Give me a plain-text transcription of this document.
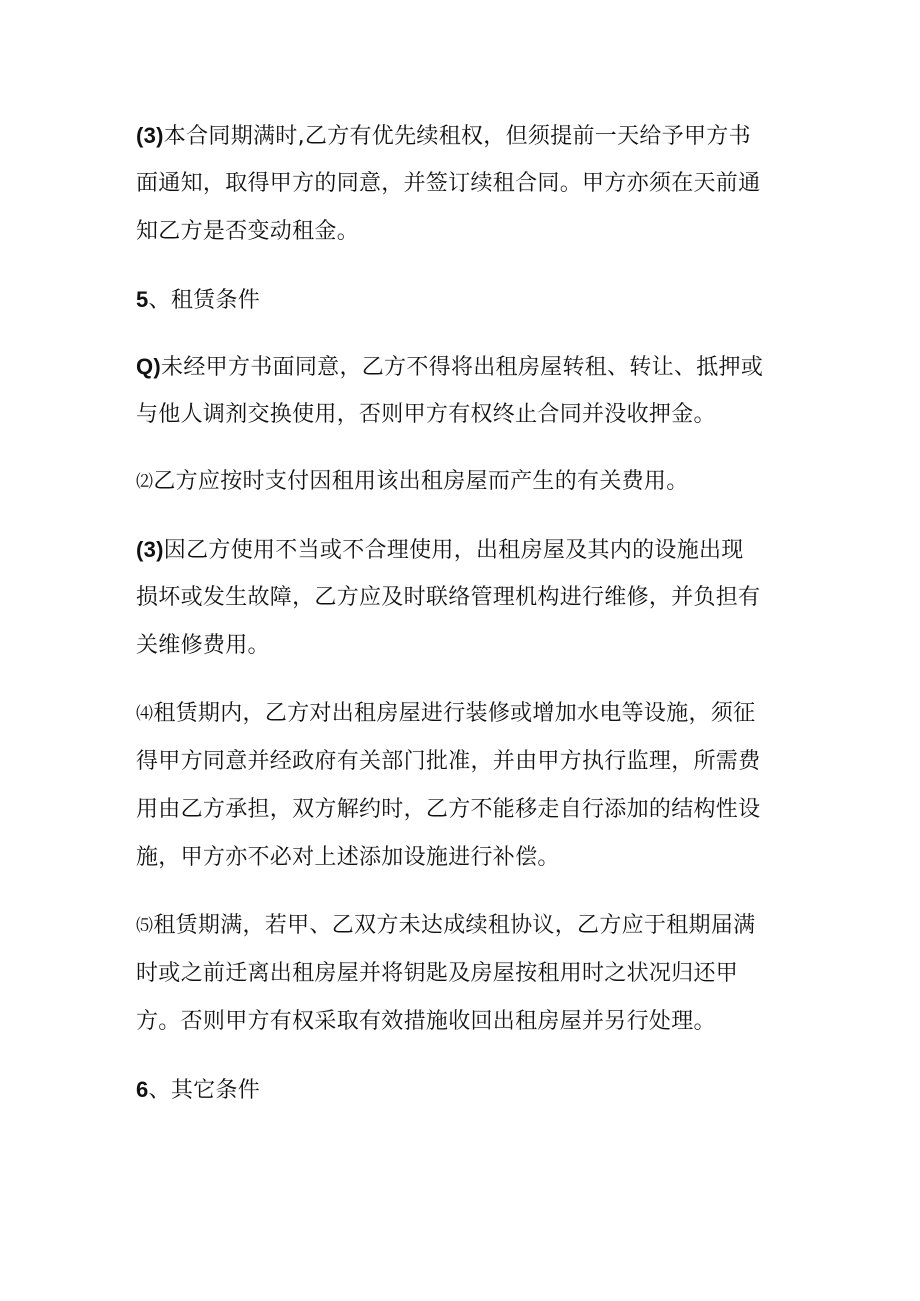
(3)本合同期满时,乙方有优先续租权，但须提前一天给予甲方书
面通知，取得甲方的同意，并签订续租合同。甲方亦须在天前通
知乙方是否变动租金。
5、租赁条件
Q)未经甲方书面同意，乙方不得将出租房屋转租、转让、抵押或
与他人调剂交换使用，否则甲方有权终止合同并没收押金。
⑵乙方应按时支付因租用该出租房屋而产生的有关费用。
(3)因乙方使用不当或不合理使用，出租房屋及其内的设施出现
损坏或发生故障，乙方应及时联络管理机构进行维修，并负担有
关维修费用。
⑷租赁期内，乙方对出租房屋进行装修或增加水电等设施，须征
得甲方同意并经政府有关部门批准，并由甲方执行监理，所需费
用由乙方承担，双方解约时，乙方不能移走自行添加的结构性设
施，甲方亦不必对上述添加设施进行补偿。
⑸租赁期满，若甲、乙双方未达成续租协议，乙方应于租期届满
时或之前迁离出租房屋并将钥匙及房屋按租用时之状况归还甲
方。否则甲方有权采取有效措施收回出租房屋并另行处理。
6、其它条件
